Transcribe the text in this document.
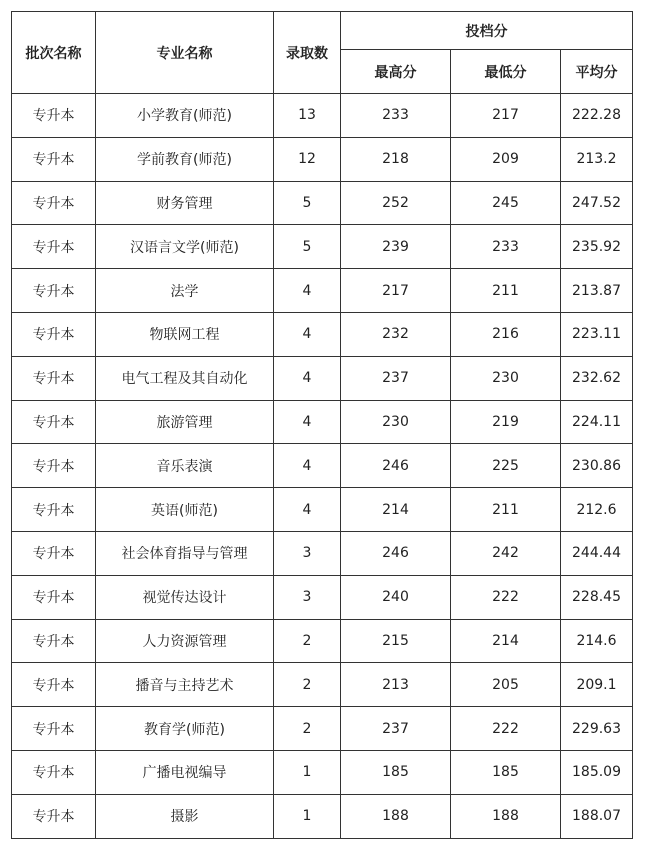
批次名称	专业名称	录取数	投档分		
			最高分	最低分	平均分
专升本	小学教育(师范)	13	233	217	222.28
专升本	学前教育(师范)	12	218	209	213.2
专升本	财务管理	5	252	245	247.52
专升本	汉语言文学(师范)	5	239	233	235.92
专升本	法学	4	217	211	213.87
专升本	物联网工程	4	232	216	223.11
专升本	电气工程及其自动化	4	237	230	232.62
专升本	旅游管理	4	230	219	224.11
专升本	音乐表演	4	246	225	230.86
专升本	英语(师范)	4	214	211	212.6
专升本	社会体育指导与管理	3	246	242	244.44
专升本	视觉传达设计	3	240	222	228.45
专升本	人力资源管理	2	215	214	214.6
专升本	播音与主持艺术	2	213	205	209.1
专升本	教育学(师范)	2	237	222	229.63
专升本	广播电视编导	1	185	185	185.09
专升本	摄影	1	188	188	188.07
